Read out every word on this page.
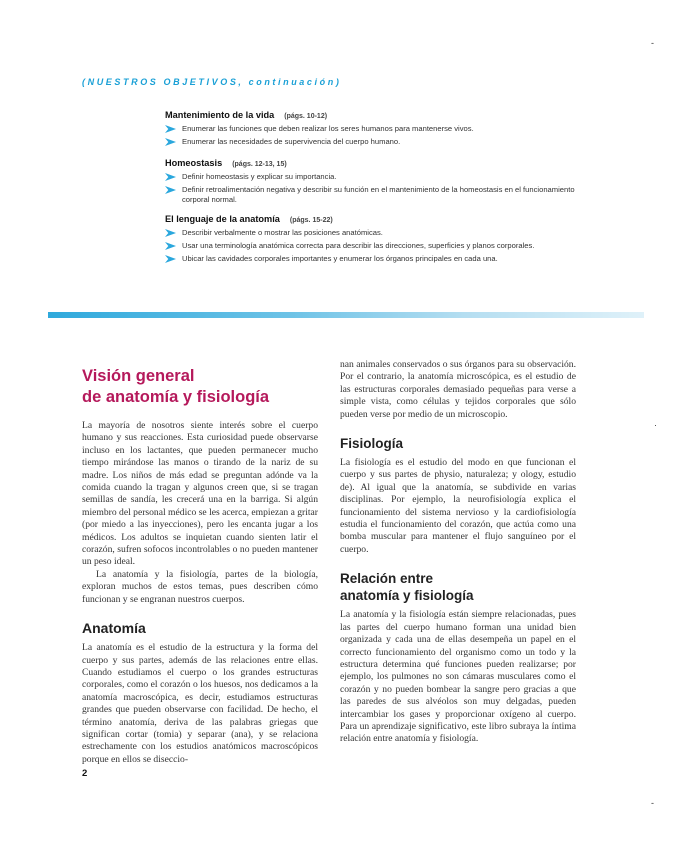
-
-
·
(NUESTROS OBJETIVOS, continuación)
Mantenimiento de la vida (págs. 10-12)
Enumerar las funciones que deben realizar los seres humanos para mantenerse vivos.
Enumerar las necesidades de supervivencia del cuerpo humano.
Homeostasis (págs. 12-13, 15)
Definir homeostasis y explicar su importancia.
Definir retroalimentación negativa y describir su función en el mantenimiento de la homeostasis en el funcionamiento corporal normal.
El lenguaje de la anatomía (págs. 15-22)
Describir verbalmente o mostrar las posiciones anatómicas.
Usar una terminología anatómica correcta para describir las direcciones, superficies y planos corporales.
Ubicar las cavidades corporales importantes y enumerar los órganos principales en cada una.
Visión general
de anatomía y fisiología

La mayoría de nosotros siente interés sobre el cuerpo humano y sus reacciones. Esta curiosidad puede observarse incluso en los lactantes, que pueden permanecer mucho tiempo mirándose las manos o tirando de la nariz de su madre. Los niños de más edad se preguntan adónde va la comida cuando la tragan y algunos creen que, si se tragan semillas de sandía, les crecerá una en la barriga. Si algún miembro del personal médico se les acerca, empiezan a gritar (por miedo a las inyecciones), pero les encanta jugar a los médicos. Los adultos se inquietan cuando sienten latir el corazón, sufren sofocos incontrolables o no pueden mantener un peso ideal.

La anatomía y la fisiología, partes de la biología, exploran muchos de estos temas, pues describen cómo funcionan y se engranan nuestros cuerpos.

Anatomía

La anatomía es el estudio de la estructura y la forma del cuerpo y sus partes, además de las relaciones entre ellas. Cuando estudiamos el cuerpo o los grandes estructuras corporales, como el corazón o los huesos, nos dedicamos a la anatomía macroscópica, es decir, estudiamos estructuras grandes que pueden observarse con facilidad. De hecho, el término anatomía, deriva de las palabras griegas que significan cortar (tomia) y separar (ana), y se relaciona estrechamente con los estudios anatómicos macroscópicos porque en ellos se disecciо-

nan animales conservados o sus órganos para su observación. Por el contrario, la anatomía microscópica, es el estudio de las estructuras corporales demasiado pequeñas para verse a simple vista, como células y tejidos corporales que sólo pueden verse por medio de un microscopio.

Fisiología

La fisiología es el estudio del modo en que funcionan el cuerpo y sus partes de physio, naturaleza; y ology, estudio de). Al igual que la anatomía, se subdivide en varias disciplinas. Por ejemplo, la neurofisiología explica el funcionamiento del sistema nervioso y la cardiofisiología estudia el funcionamiento del corazón, que actúa como una bomba muscular para mantener el flujo sanguíneo por el cuerpo.

Relación entre
anatomía y fisiología

La anatomía y la fisiología están siempre relacionadas, pues las partes del cuerpo humano forman una unidad bien organizada y cada una de ellas desempeña un papel en el correcto funcionamiento del organismo como un todo y la estructura determina qué funciones pueden realizarse; por ejemplo, los pulmones no son cámaras musculares como el corazón y no pueden bombear la sangre pero gracias a que las paredes de sus alvéolos son muy delgadas, pueden intercambiar los gases y proporcionar oxígeno al cuerpo. Para un aprendizaje significativo, este libro subraya la íntima relación entre anatomía y fisiología.

2
